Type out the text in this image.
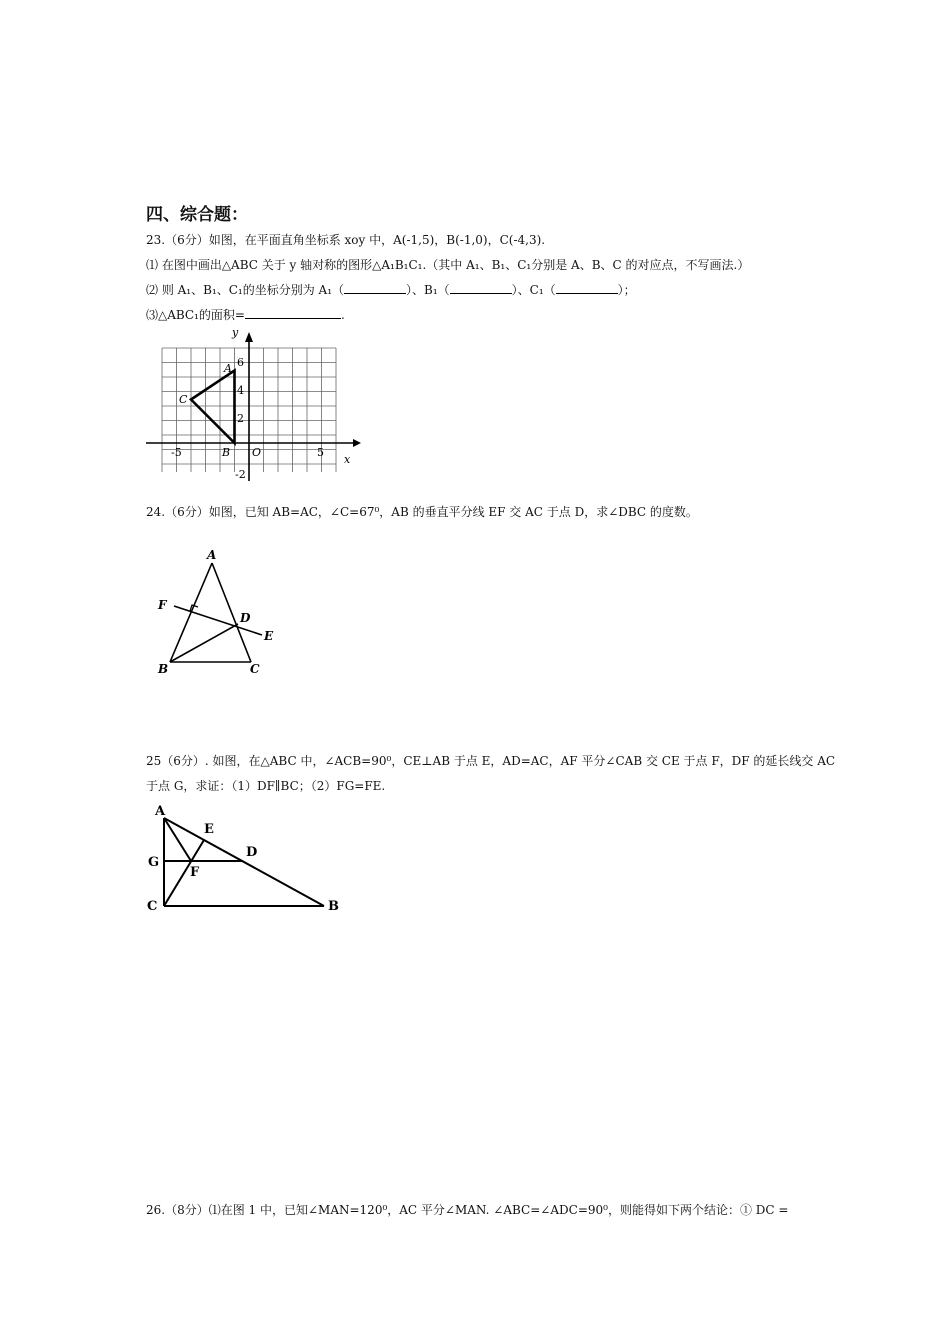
四、综合题：
23.（6分）如图，在平面直角坐标系 xoy 中，A(-1,5)，B(-1,0)，C(-4,3).
⑴ 在图中画出△ABC 关于 y 轴对称的图形△A₁B₁C₁.（其中 A₁、B₁、C₁分别是 A、B、C 的对应点，不写画法.）
⑵ 则 A₁、B₁、C₁的坐标分别为 A₁（	）、B₁（	）、C₁（	）；
⑶△ABC₁的面积=	.
y
x
O
-5	5
6
4
2
-2
A
B
C
24.（6分）如图，已知 AB=AC，∠C=67⁰，AB 的垂直平分线 EF 交 AC 于点 D，求∠DBC 的度数。
A
B	C
D
E
F
25（6分）. 如图，在△ABC 中，∠ACB=90⁰，CE⊥AB 于点 E，AD=AC，AF 平分∠CAB 交 CE 于点 F，DF 的延长线交 AC
于点 G，求证：（1）DF∥BC；（2）FG=FE.
A
B
C
D
E
F
G
26.（8分）⑴在图 1 中，已知∠MAN=120⁰，AC 平分∠MAN. ∠ABC=∠ADC=90⁰，则能得如下两个结论：① DC =
